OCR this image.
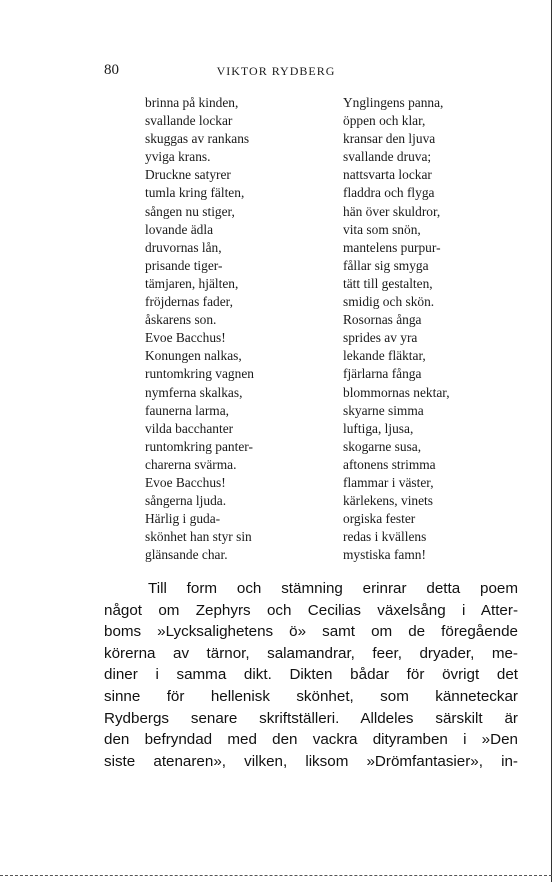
80	VIKTOR RYDBERG
brinna på kinden,
svallande lockar
skuggas av rankans
yviga krans.
Druckne satyrer
tumla kring fälten,
sången nu stiger,
lovande ädla
druvornas lån,
prisande tiger-
tämjaren, hjälten,
fröjdernas fader,
åskarens son.
Evoe Bacchus!
Konungen nalkas,
runtomkring vagnen
nymferna skalkas,
faunerna larma,
vilda bacchanter
runtomkring panter-
charerna svärma.
Evoe Bacchus!
sångerna ljuda.
Härlig i guda-
skönhet han styr sin
glänsande char.
Ynglingens panna,
öppen och klar,
kransar den ljuva
svallande druva;
nattsvarta lockar
fladdra och flyga
hän över skuldror,
vita som snön,
mantelens purpur-
fållar sig smyga
tätt till gestalten,
smidig och skön.
Rosornas ånga
sprides av yra
lekande fläktar,
fjärlarna fånga
blommornas nektar,
skyarne simma
luftiga, ljusa,
skogarne susa,
aftonens strimma
flammar i väster,
kärlekens, vinets
orgiska fester
redas i kvällens
mystiska famn!
Till form och stämning erinrar detta poem
något om Zephyrs och Cecilias växelsång i Atter-
boms »Lycksalighetens ö» samt om de föregående
körerna av tärnor, salamandrar, feer, dryader, me-
diner i samma dikt. Dikten bådar för övrigt det
sinne för hellenisk skönhet, som känneteckar
Rydbergs senare skriftställeri. Alldeles särskilt är
den befryndad med den vackra dityramben i »Den
siste atenaren», vilken, liksom »Drömfantasier», in-
